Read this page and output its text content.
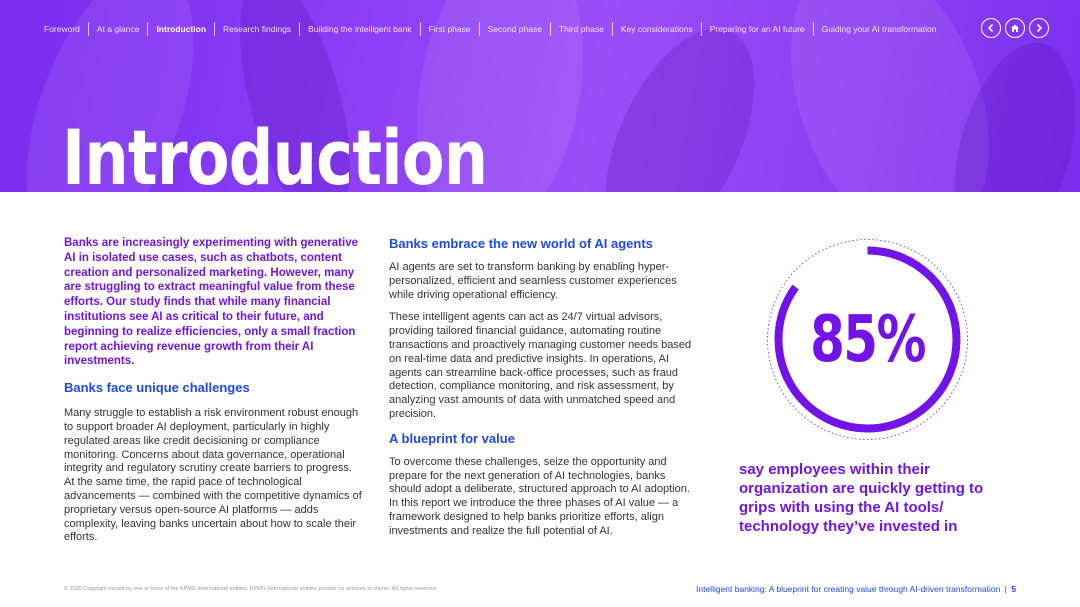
Foreword	At a glance	Introduction	Research findings	Building the intelligent bank	First phase	Second phase	Third phase	Key considerations	Preparing for an AI future	Guiding your AI transformation
Introduction

Banks are increasingly experimenting with generative AI in isolated use cases, such as chatbots, content creation and personalized marketing. However, many are struggling to extract meaningful value from these efforts. Our study finds that while many financial institutions see AI as critical to their future, and beginning to realize efficiencies, only a small fraction report achieving revenue growth from their AI investments.

Banks face unique challenges

Many struggle to establish a risk environment robust enough to support broader AI deployment, particularly in highly regulated areas like credit decisioning or compliance monitoring. Concerns about data governance, operational integrity and regulatory scrutiny create barriers to progress. At the same time, the rapid pace of technological advancements — combined with the competitive dynamics of proprietary versus open-source AI platforms — adds complexity, leaving banks uncertain about how to scale their efforts.

Banks embrace the new world of AI agents

AI agents are set to transform banking by enabling hyper-personalized, efficient and seamless customer experiences while driving operational efficiency.

These intelligent agents can act as 24/7 virtual advisors, providing tailored financial guidance, automating routine transactions and proactively managing customer needs based on real-time data and predictive insights. In operations, AI agents can streamline back-office processes, such as fraud detection, compliance monitoring, and risk assessment, by analyzing vast amounts of data with unmatched speed and precision.

A blueprint for value

To overcome these challenges, seize the opportunity and prepare for the next generation of AI technologies, banks should adopt a deliberate, structured approach to AI adoption. In this report we introduce the three phases of AI value — a framework designed to help banks prioritize efforts, align investments and realize the full potential of AI.

85%

say employees within their organization are quickly getting to grips with using the AI tools/ technology they’ve invested in

© 2025 Copyright owned by one or more of the KPMG International entities. KPMG International entities provide no services to clients. All rights reserved.	Intelligent banking: A blueprint for creating value through AI-driven transformation | 5
